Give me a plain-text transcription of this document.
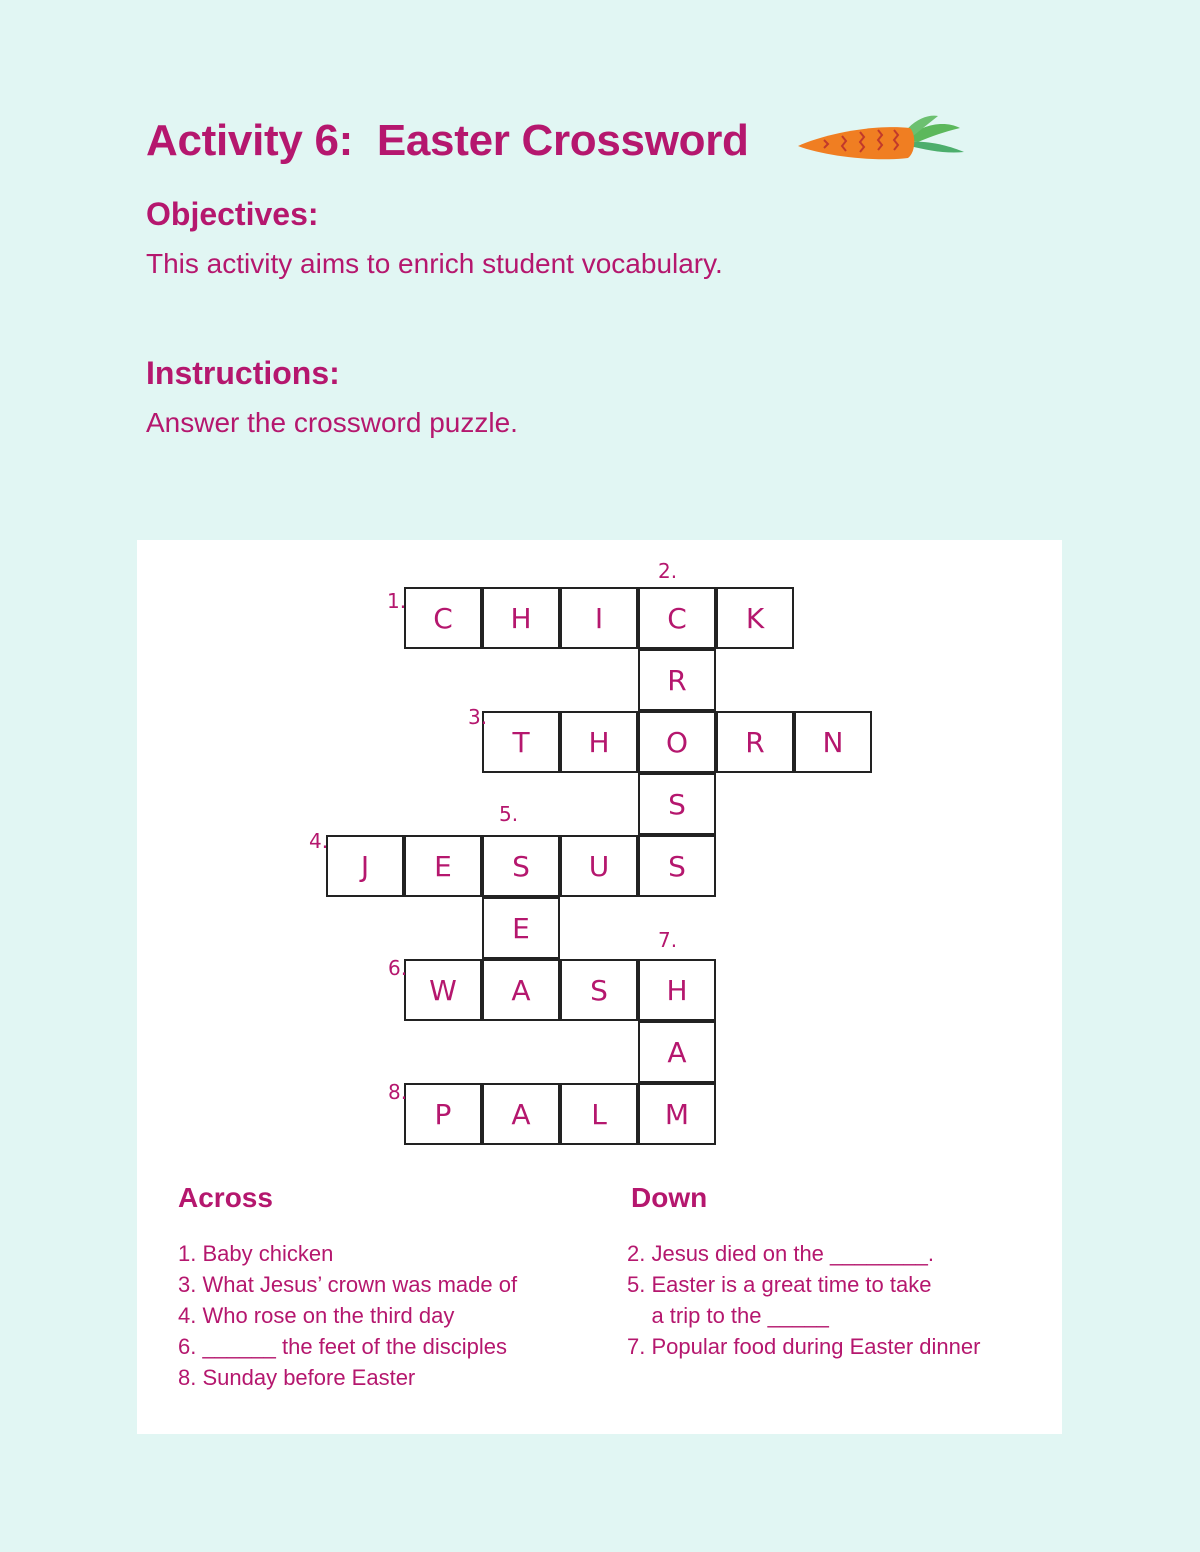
Activity 6:  Easter Crossword
Objectives:

This activity aims to enrich student vocabulary.

Instructions:

Answer the crossword puzzle.

C	H	I	C	K
R
T	H	O	R	N
S
J	E	S	U	S
E
W	A	S	H
A
P	A	L	M
1.
2.
3.
4.
5.
6.
7.
8.
Across
1. Baby chicken
3. What Jesus’ crown was made of
4. Who rose on the third day
6. ______ the feet of the disciples
8. Sunday before Easter
Down
2. Jesus died on the ________.
5. Easter is a great time to take
a trip to the _____
7. Popular food during Easter dinner
